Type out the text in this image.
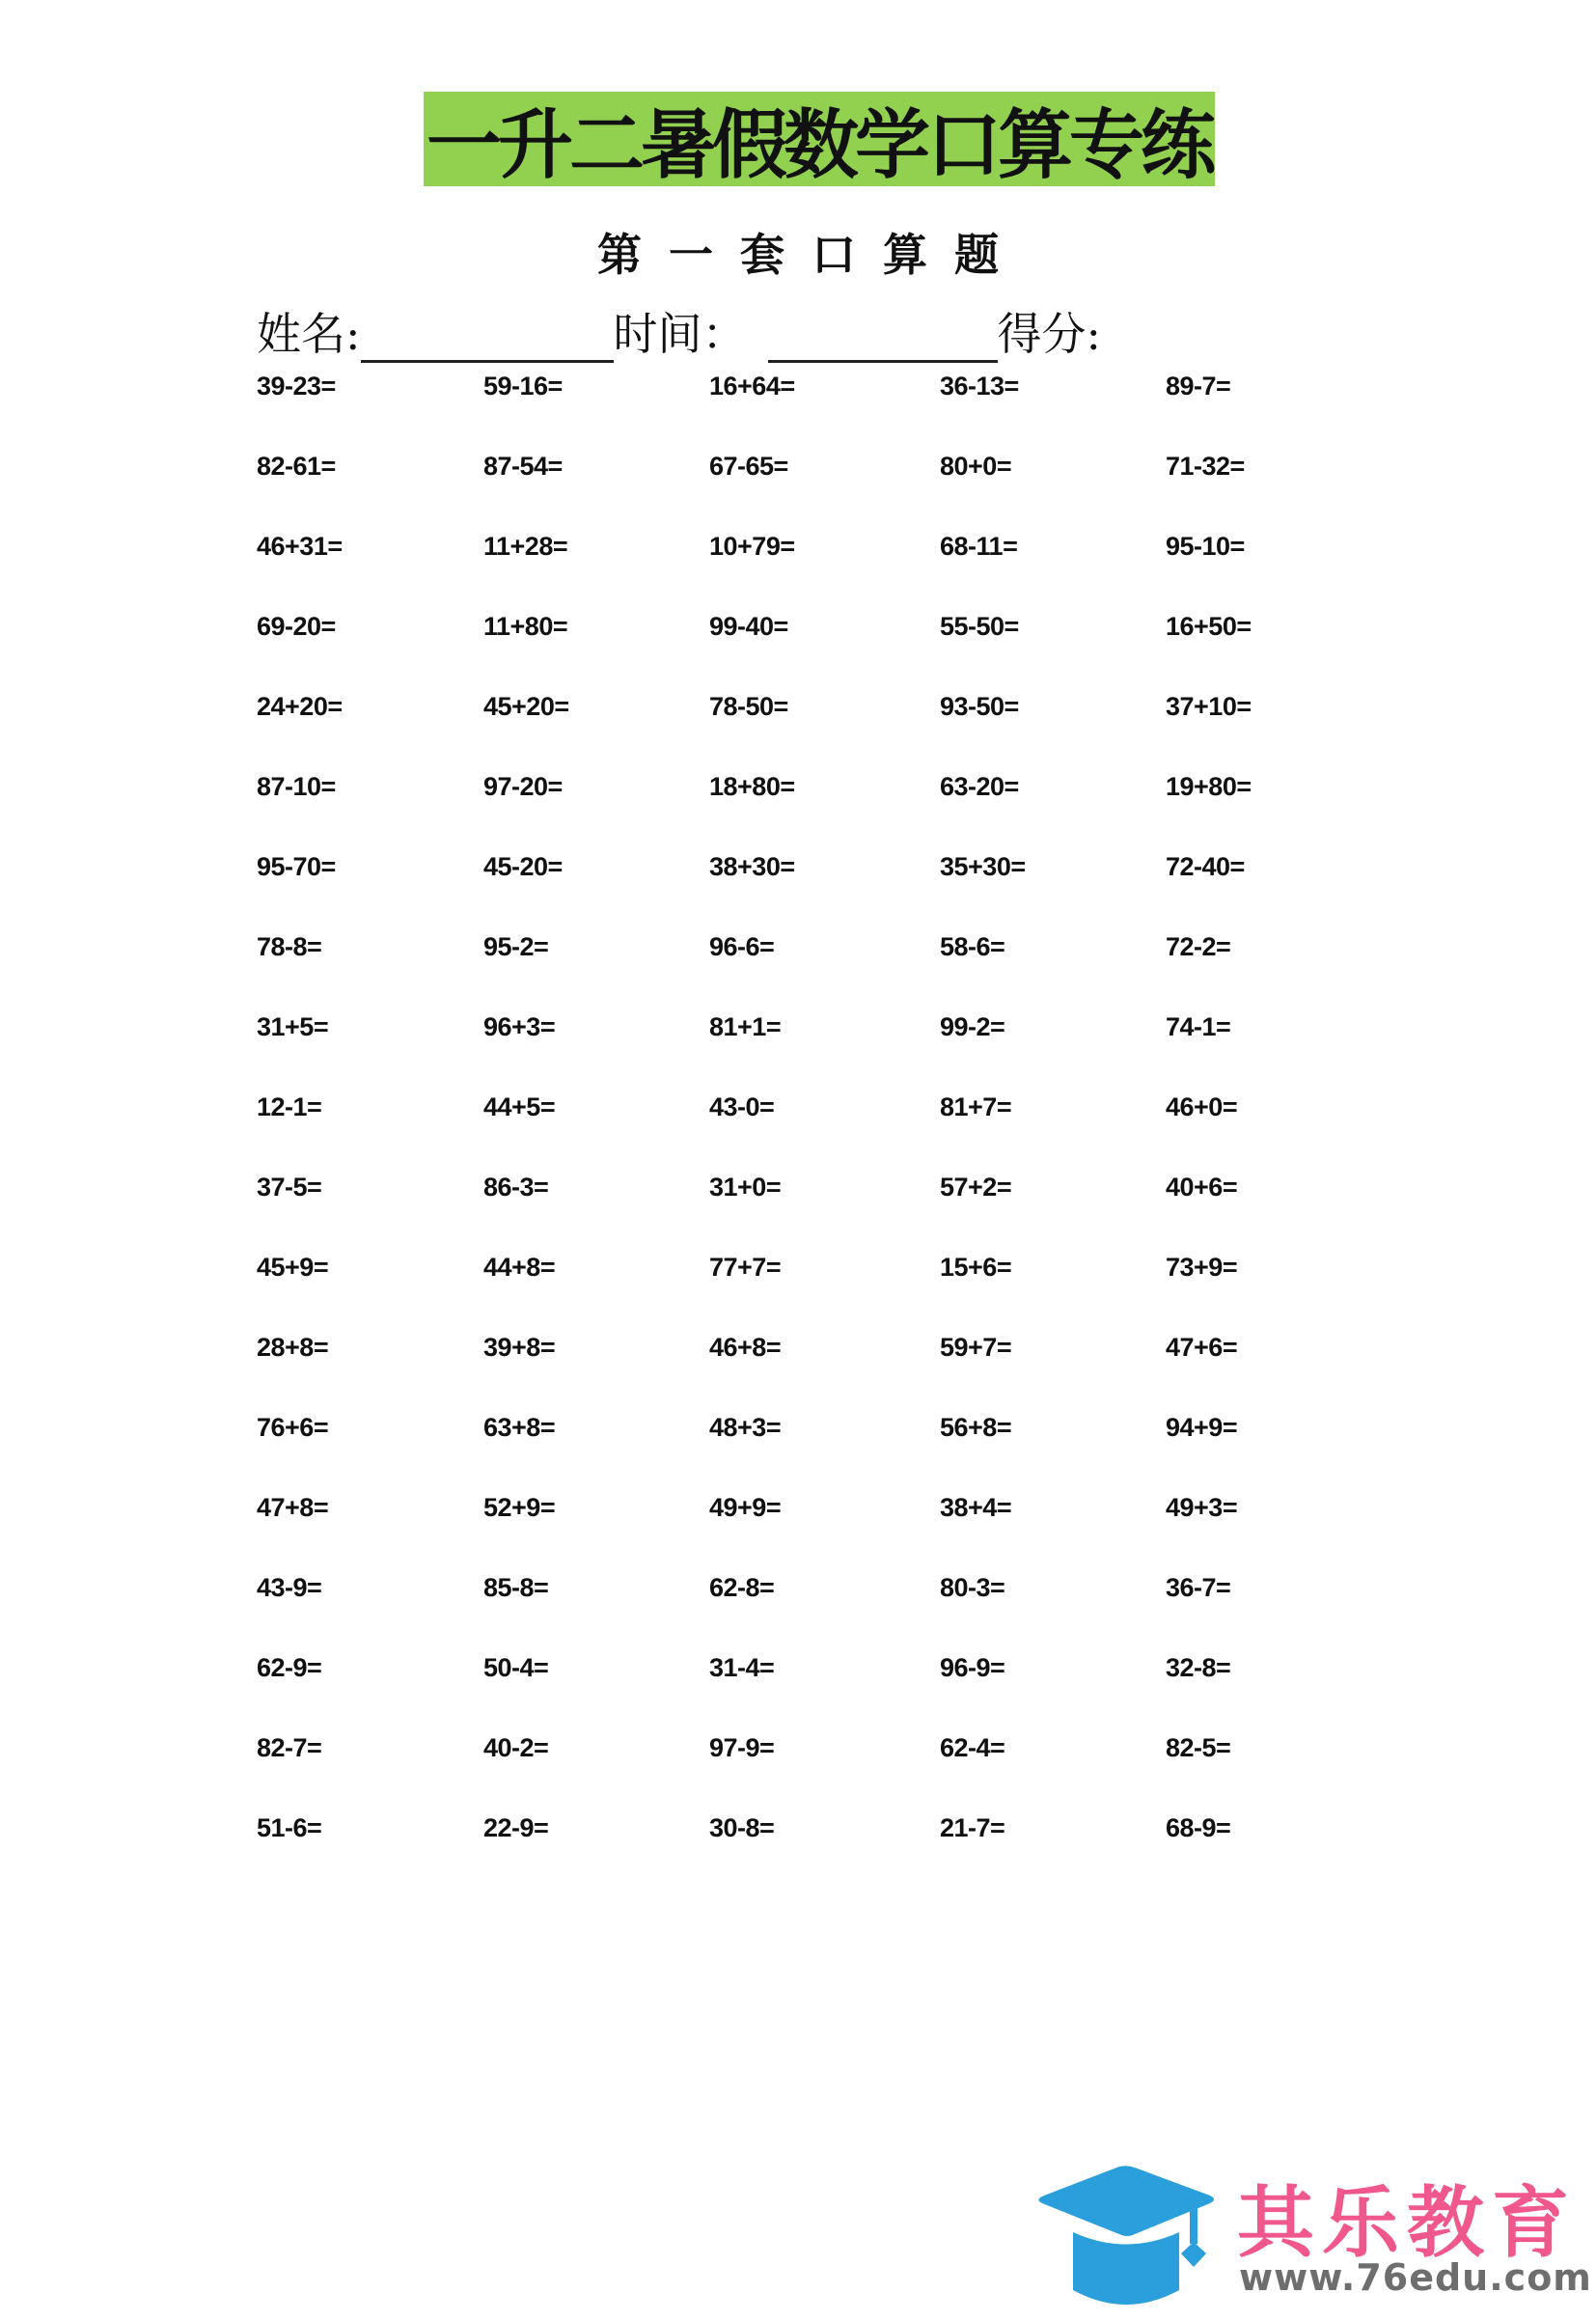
一升二暑假数学口算专练
第一套口算题
姓名:	时间：	得分:
39-23=	59-16=	16+64=	36-13=	89-7=
82-61=	87-54=	67-65=	80+0=	71-32=
46+31=	11+28=	10+79=	68-11=	95-10=
69-20=	11+80=	99-40=	55-50=	16+50=
24+20=	45+20=	78-50=	93-50=	37+10=
87-10=	97-20=	18+80=	63-20=	19+80=
95-70=	45-20=	38+30=	35+30=	72-40=
78-8=	95-2=	96-6=	58-6=	72-2=
31+5=	96+3=	81+1=	99-2=	74-1=
12-1=	44+5=	43-0=	81+7=	46+0=
37-5=	86-3=	31+0=	57+2=	40+6=
45+9=	44+8=	77+7=	15+6=	73+9=
28+8=	39+8=	46+8=	59+7=	47+6=
76+6=	63+8=	48+3=	56+8=	94+9=
47+8=	52+9=	49+9=	38+4=	49+3=
43-9=	85-8=	62-8=	80-3=	36-7=
62-9=	50-4=	31-4=	96-9=	32-8=
82-7=	40-2=	97-9=	62-4=	82-5=
51-6=	22-9=	30-8=	21-7=	68-9=
其乐教育
www.76edu.com
